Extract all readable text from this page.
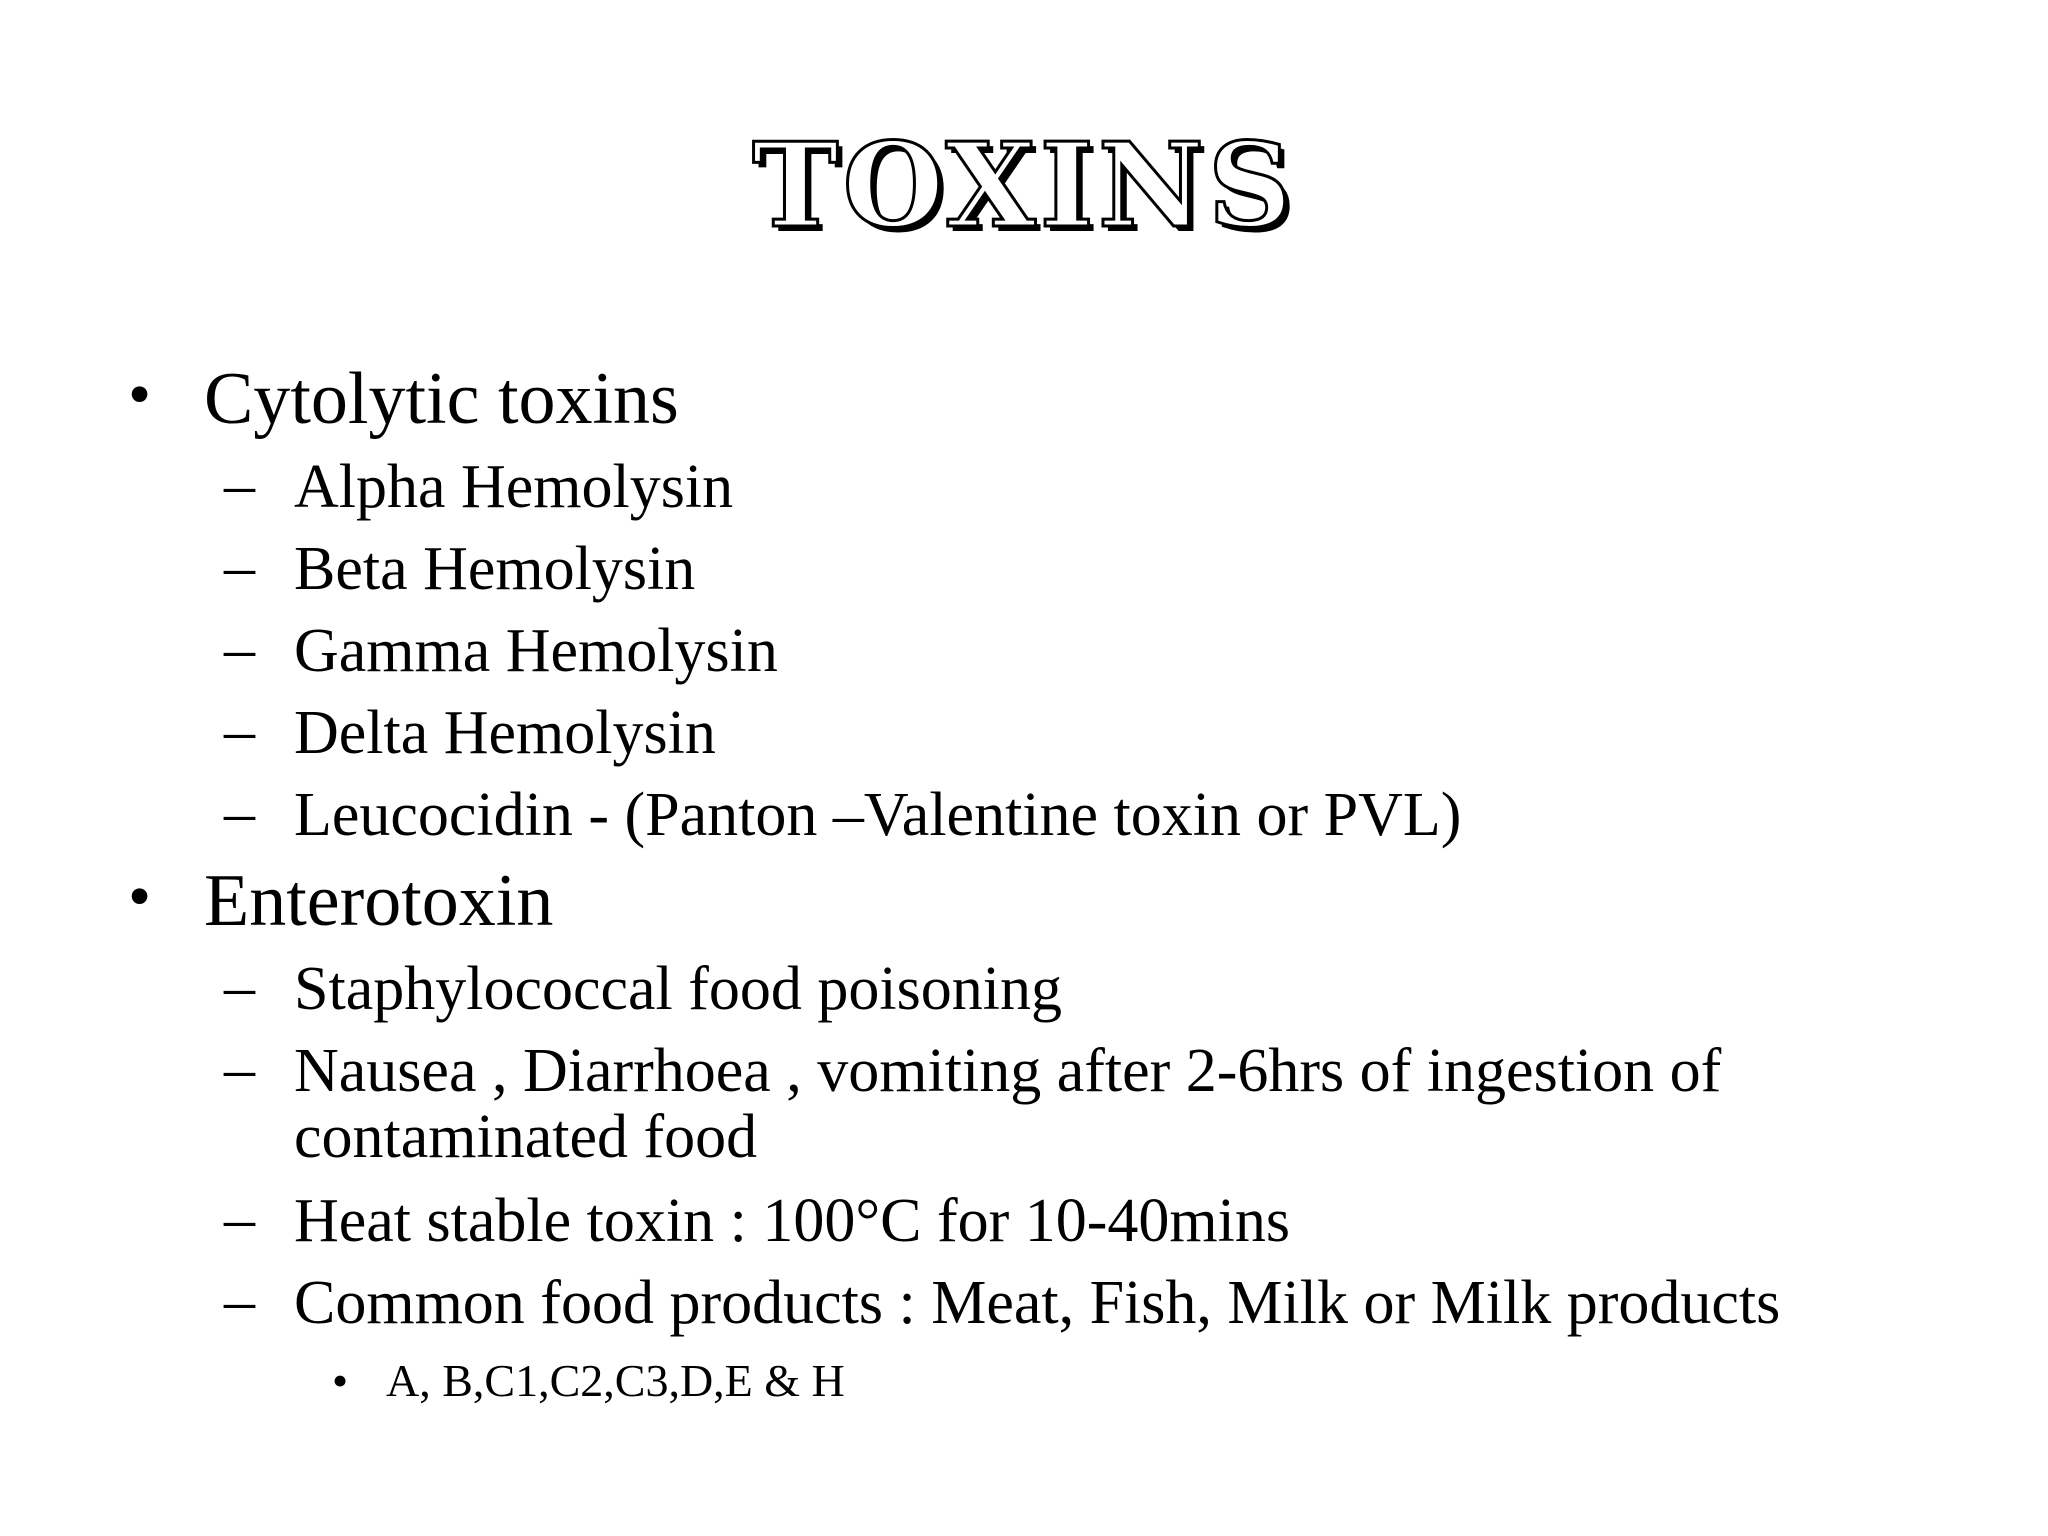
TOXINS
• Cytolytic toxins
– Alpha Hemolysin
– Beta Hemolysin
– Gamma Hemolysin
– Delta Hemolysin
– Leucocidin - (Panton –Valentine toxin or PVL)
• Enterotoxin
– Staphylococcal food poisoning
– Nausea , Diarrhoea , vomiting after 2-6hrs of ingestion of contaminated food
– Heat stable toxin : 100°C for 10-40mins
– Common food products : Meat, Fish, Milk or Milk products
• A, B,C1,C2,C3,D,E & H
